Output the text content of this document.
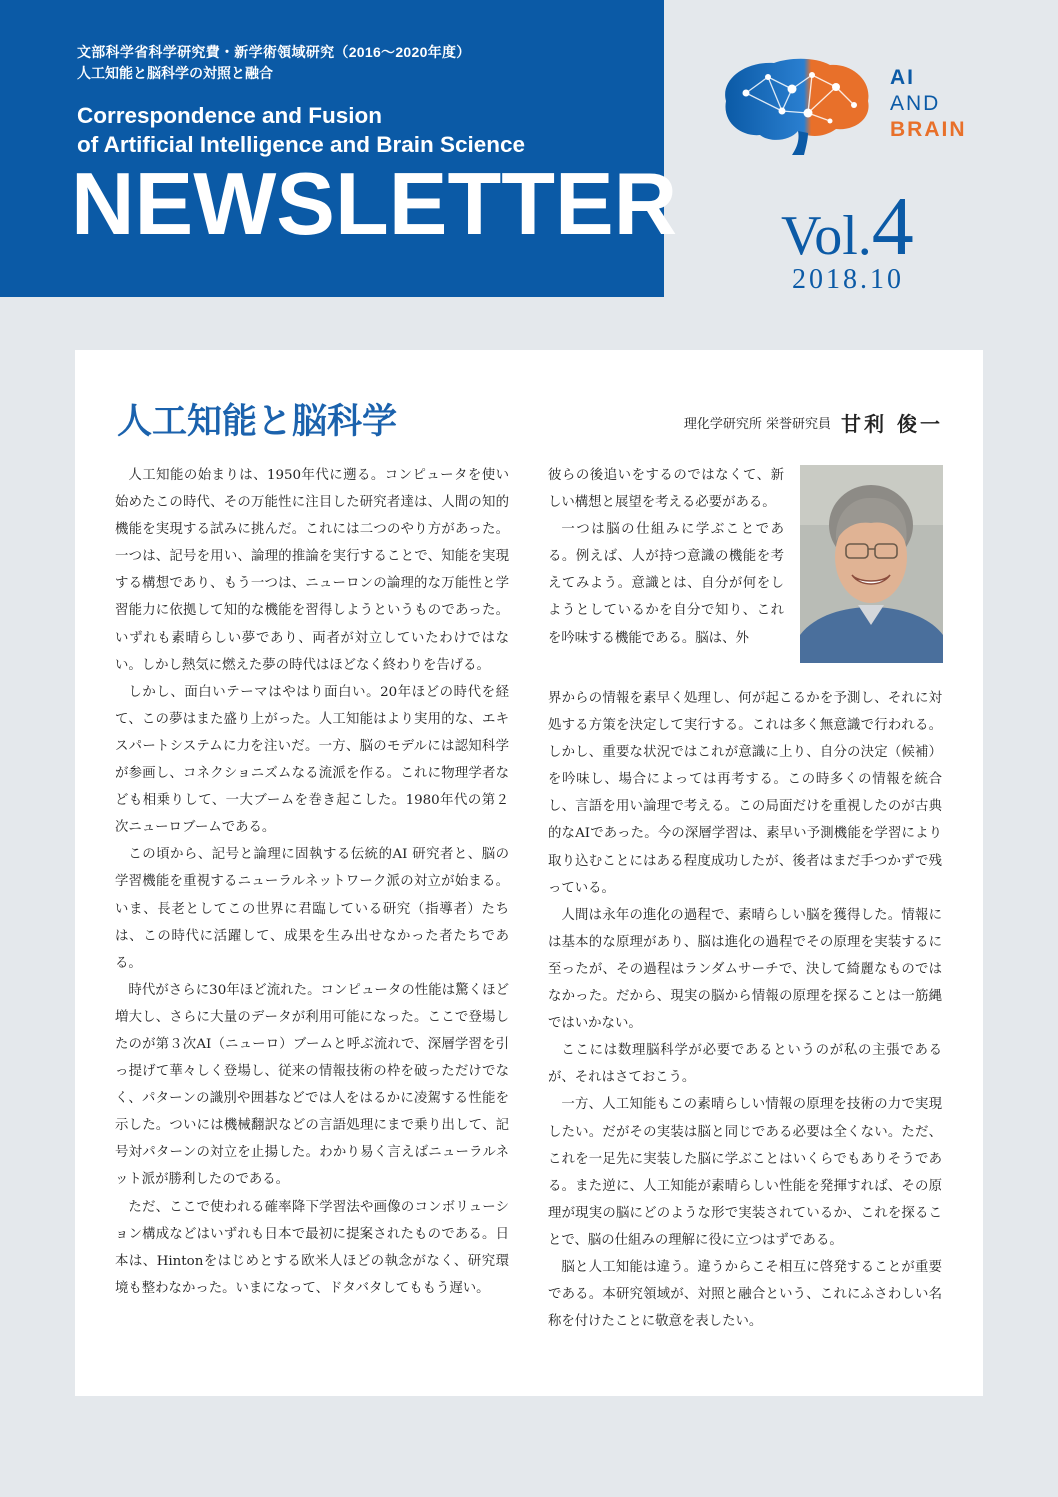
文部科学省科学研究費・新学術領域研究（2016～2020年度）
人工知能と脳科学の対照と融合
Correspondence and Fusion
of Artificial Intelligence and Brain Science
NEWSLETTER
AI
AND
BRAIN
Vol.4
2018.10
人工知能と脳科学	理化学研究所 栄誉研究員 甘利 俊一

人工知能の始まりは、1950年代に遡る。コンピュータを使い始めたこの時代、その万能性に注目した研究者達は、人間の知的機能を実現する試みに挑んだ。これには二つのやり方があった。一つは、記号を用い、論理的推論を実行することで、知能を実現する構想であり、もう一つは、ニューロンの論理的な万能性と学習能力に依拠して知的な機能を習得しようというものであった。いずれも素晴らしい夢であり、両者が対立していたわけではない。しかし熱気に燃えた夢の時代はほどなく終わりを告げる。

しかし、面白いテーマはやはり面白い。20年ほどの時代を経て、この夢はまた盛り上がった。人工知能はより実用的な、エキスパートシステムに力を注いだ。一方、脳のモデルには認知科学が参画し、コネクショニズムなる流派を作る。これに物理学者なども相乗りして、一大ブームを巻き起こした。1980年代の第２次ニューロブームである。

この頃から、記号と論理に固執する伝統的AI 研究者と、脳の学習機能を重視するニューラルネットワーク派の対立が始まる。いま、長老としてこの世界に君臨している研究（指導者）たちは、この時代に活躍して、成果を生み出せなかった者たちである。

時代がさらに30年ほど流れた。コンピュータの性能は驚くほど増大し、さらに大量のデータが利用可能になった。ここで登場したのが第３次AI（ニューロ）ブームと呼ぶ流れで、深層学習を引っ提げて華々しく登場し、従来の情報技術の枠を破っただけでなく、パターンの識別や囲碁などでは人をはるかに凌駕する性能を示した。ついには機械翻訳などの言語処理にまで乗り出して、記号対パターンの対立を止揚した。わかり易く言えばニューラルネット派が勝利したのである。

ただ、ここで使われる確率降下学習法や画像のコンボリューション構成などはいずれも日本で最初に提案されたものである。日本は、Hintonをはじめとする欧米人ほどの執念がなく、研究環境も整わなかった。いまになって、ドタバタしてももう遅い。

彼らの後追いをするのではなくて、新しい構想と展望を考える必要がある。

一つは脳の仕組みに学ぶことである。例えば、人が持つ意識の機能を考えてみよう。意識とは、自分が何をしようとしているかを自分で知り、これを吟味する機能である。脳は、外

界からの情報を素早く処理し、何が起こるかを予測し、それに対処する方策を決定して実行する。これは多く無意識で行われる。しかし、重要な状況ではこれが意識に上り、自分の決定（候補）を吟味し、場合によっては再考する。この時多くの情報を統合し、言語を用い論理で考える。この局面だけを重視したのが古典的なAIであった。今の深層学習は、素早い予測機能を学習により取り込むことにはある程度成功したが、後者はまだ手つかずで残っている。

人間は永年の進化の過程で、素晴らしい脳を獲得した。情報には基本的な原理があり、脳は進化の過程でその原理を実装するに至ったが、その過程はランダムサーチで、決して綺麗なものではなかった。だから、現実の脳から情報の原理を探ることは一筋縄ではいかない。

ここには数理脳科学が必要であるというのが私の主張であるが、それはさておこう。

一方、人工知能もこの素晴らしい情報の原理を技術の力で実現したい。だがその実装は脳と同じである必要は全くない。ただ、これを一足先に実装した脳に学ぶことはいくらでもありそうである。また逆に、人工知能が素晴らしい性能を発揮すれば、その原理が現実の脳にどのような形で実装されているか、これを探ることで、脳の仕組みの理解に役に立つはずである。

脳と人工知能は違う。違うからこそ相互に啓発することが重要である。本研究領域が、対照と融合という、これにふさわしい名称を付けたことに敬意を表したい。
